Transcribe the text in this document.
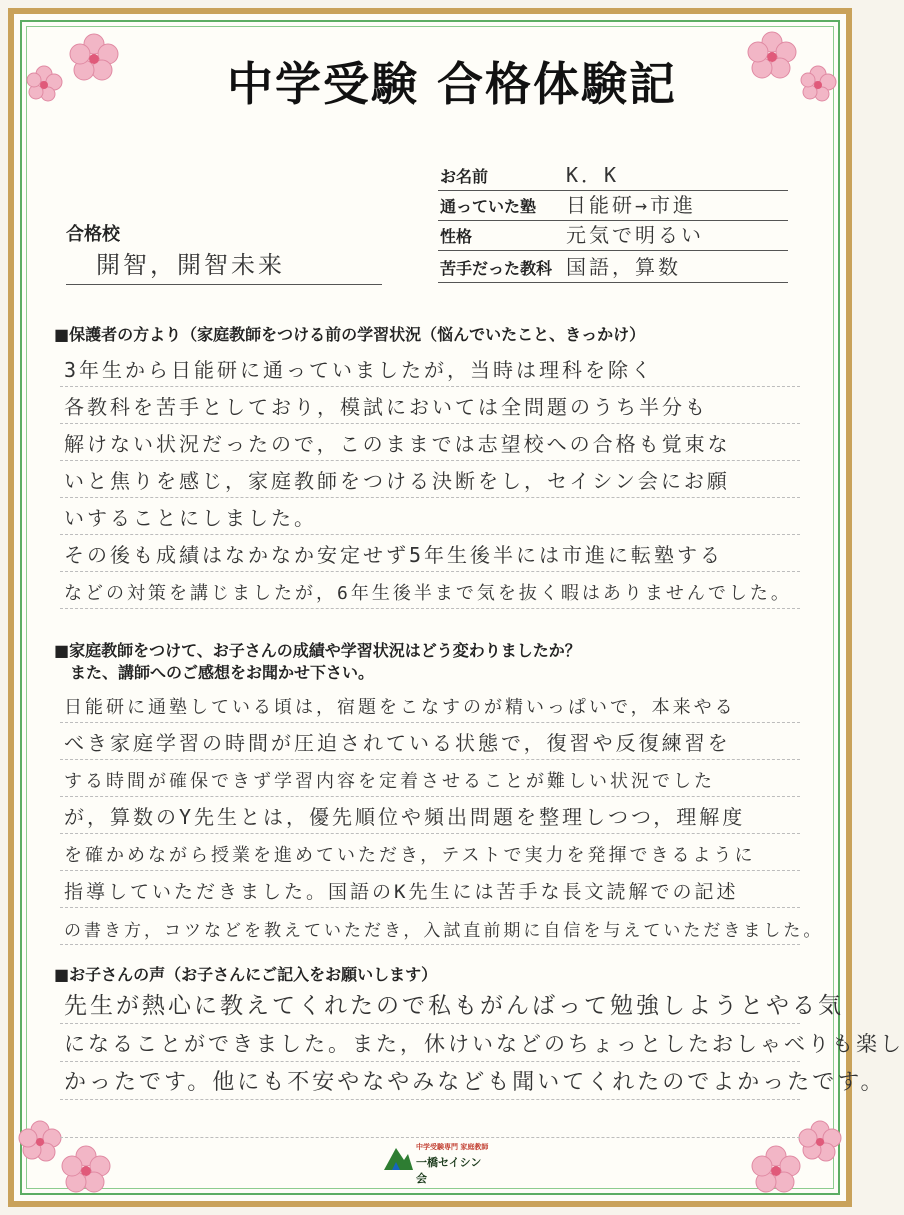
中学受験 合格体験記
お名前	K．K
通っていた塾 日能研→市進
性格	元気で明るい
苦手だった教科 国語，算数
合格校
開智，開智未来
■保護者の方より（家庭教師をつける前の学習状況（悩んでいたこと、きっかけ）
3年生から日能研に通っていましたが，当時は理科を除く
各教科を苦手としており，模試においては全問題のうち半分も
解けない状況だったので，このままでは志望校への合格も覚束な
いと焦りを感じ，家庭教師をつける決断をし，セイシン会にお願
いすることにしました。
その後も成績はなかなか安定せず5年生後半には市進に転塾する
などの対策を講じましたが，6年生後半まで気を抜く暇はありませんでした。
■家庭教師をつけて、お子さんの成績や学習状況はどう変わりましたか？
また、講師へのご感想をお聞かせ下さい。
日能研に通塾している頃は，宿題をこなすのが精いっぱいで，本来やる
べき家庭学習の時間が圧迫されている状態で，復習や反復練習を
する時間が確保できず学習内容を定着させることが難しい状況でした
が，算数のY先生とは，優先順位や頻出問題を整理しつつ，理解度
を確かめながら授業を進めていただき，テストで実力を発揮できるように
指導していただきました。国語のK先生には苦手な長文読解での記述
の書き方，コツなどを教えていただき，入試直前期に自信を与えていただきました。
■お子さんの声（お子さんにご記入をお願いします）
先生が熱心に教えてくれたので私もがんばって勉強しようとやる気
になることができました。また，休けいなどのちょっとしたおしゃべりも楽し
かったです。他にも不安やなやみなども聞いてくれたのでよかったです。
中学受験専門 家庭教師
一橋セイシン会
